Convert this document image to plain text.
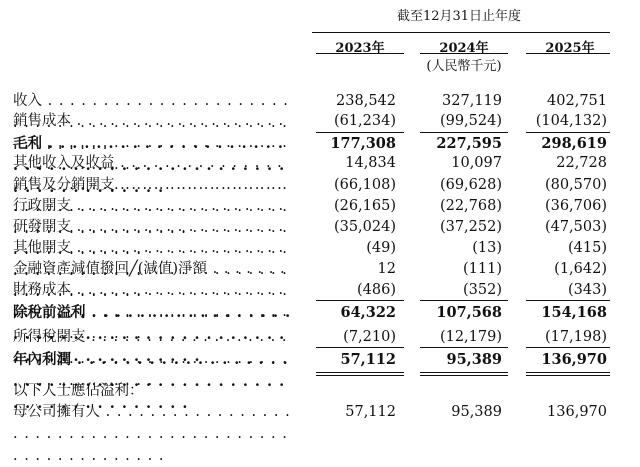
截至12月31日止年度
2023年	2024年	2025年
(人民幣千元)
收入 . . .	238,542	327,119	402,751
銷售成本 . . .	(61,234)	(99,524)	(104,132)
毛利 . . .	177,308	227,595	298,619
其他收入及收益 . . .	14,834	10,097	22,728
銷售及分銷開支 . . .	(66,108)	(69,628)	(80,570)
行政開支 . . .	(26,165)	(22,768)	(36,706)
研發開支 . . .	(35,024)	(37,252)	(47,503)
其他開支 . . .	(49)	(13)	(415)
金融資產減值撥回╱(減值)淨額 . . .	12	(111)	(1,642)
財務成本 . . .	(486)	(352)	(343)
除稅前溢利 . . .	64,322	107,568	154,168
所得稅開支 . . .	(7,210)	(12,179)	(17,198)
年內利潤 . . .	57,112	95,389	136,970
以下人士應佔溢利：
母公司擁有人 . . .	57,112	95,389	136,970
